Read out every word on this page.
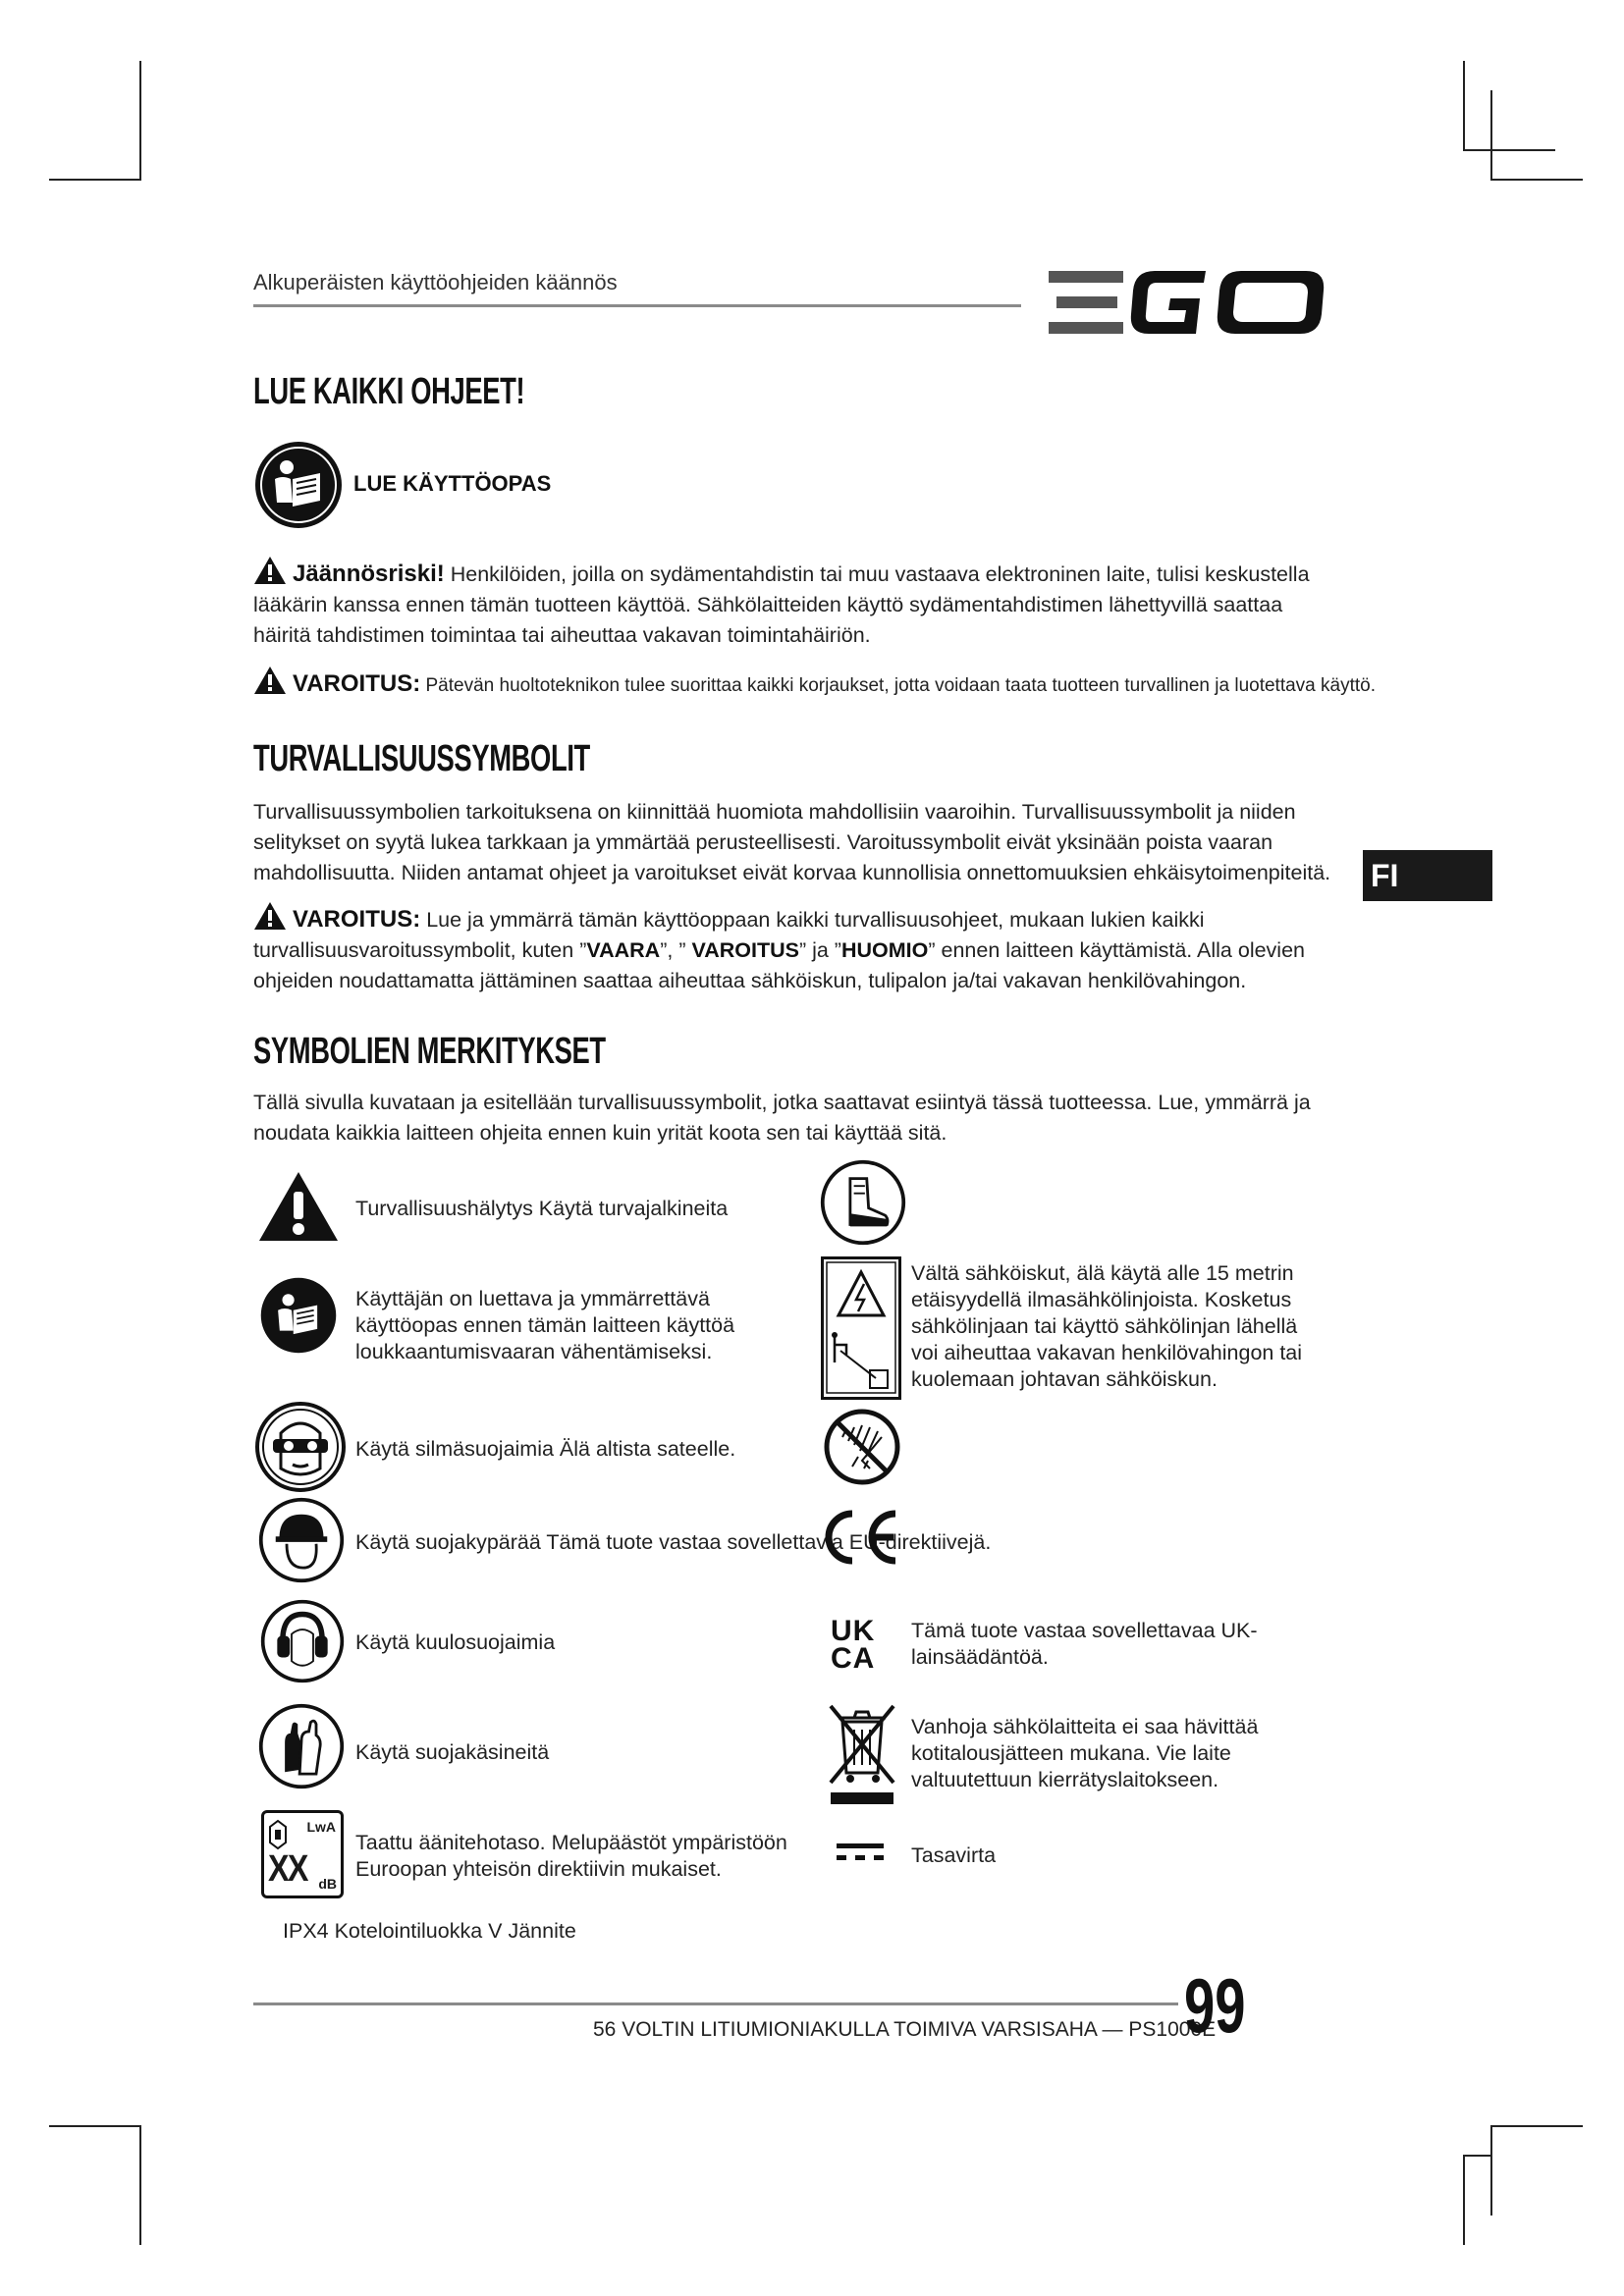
Alkuperäisten käyttöohjeiden käännös
LUE KAIKKI OHJEET!
LUE KÄYTTÖOPAS
Jäännösriski! Henkilöiden, joilla on sydämentahdistin tai muu vastaava elektroninen laite, tulisi keskustella lääkärin kanssa ennen tämän tuotteen käyttöä. Sähkölaitteiden käyttö sydämentahdistimen lähettyvillä saattaa häiritä tahdistimen toimintaa tai aiheuttaa vakavan toimintahäiriön.
VAROITUS: Pätevän huoltoteknikon tulee suorittaa kaikki korjaukset, jotta voidaan taata tuotteen turvallinen ja luotettava käyttö.
TURVALLISUUSSYMBOLIT
Turvallisuussymbolien tarkoituksena on kiinnittää huomiota mahdollisiin vaaroihin. Turvallisuussymbolit ja niiden selitykset on syytä lukea tarkkaan ja ymmärtää perusteellisesti. Varoitussymbolit eivät yksinään poista vaaran mahdollisuutta. Niiden antamat ohjeet ja varoitukset eivät korvaa kunnollisia onnettomuuksien ehkäisytoimenpiteitä.
VAROITUS: Lue ja ymmärrä tämän käyttöoppaan kaikki turvallisuusohjeet, mukaan lukien kaikki turvallisuusvaroitussymbolit, kuten ”VAARA”, ” VAROITUS” ja ”HUOMIO” ennen laitteen käyttämistä. Alla olevien ohjeiden noudattamatta jättäminen saattaa aiheuttaa sähköiskun, tulipalon ja/tai vakavan henkilövahingon.
FI
SYMBOLIEN MERKITYKSET
Tällä sivulla kuvataan ja esitellään turvallisuussymbolit, jotka saattavat esiintyä tässä tuotteessa. Lue, ymmärrä ja noudata kaikkia laitteen ohjeita ennen kuin yrität koota sen tai käyttää sitä.
Turvallisuushälytys Käytä turvajalkineita
Käyttäjän on luettava ja ymmärrettävä käyttöopas ennen tämän laitteen käyttöä loukkaantumisvaaran vähentämiseksi.
Käytä silmäsuojaimia Älä altista sateelle.
Käytä suojakypärää Tämä tuote vastaa sovellettavia EU-direktiivejä.
Käytä kuulosuojaimia
Käytä suojakäsineitä
LwA
XX dB
Taattu äänitehotaso. Melupäästöt ympäristöön Euroopan yhteisön direktiivin mukaiset.
IPX4 Kotelointiluokka V Jännite
Vältä sähköiskut, älä käytä alle 15 metrin etäisyydellä ilmasähkölinjoista. Kosketus sähkölinjaan tai käyttö sähkölinjan lähellä voi aiheuttaa vakavan henkilövahingon tai kuolemaan johtavan sähköiskun.
UK
CA
Tämä tuote vastaa sovellettavaa UK-lainsäädäntöä.
Vanhoja sähkölaitteita ei saa hävittää kotitalousjätteen mukana. Vie laite valtuutettuun kierrätyslaitokseen.
Tasavirta
56 VOLTIN LITIUMIONIAKULLA TOIMIVA VARSISAHA — PS1000E
99
